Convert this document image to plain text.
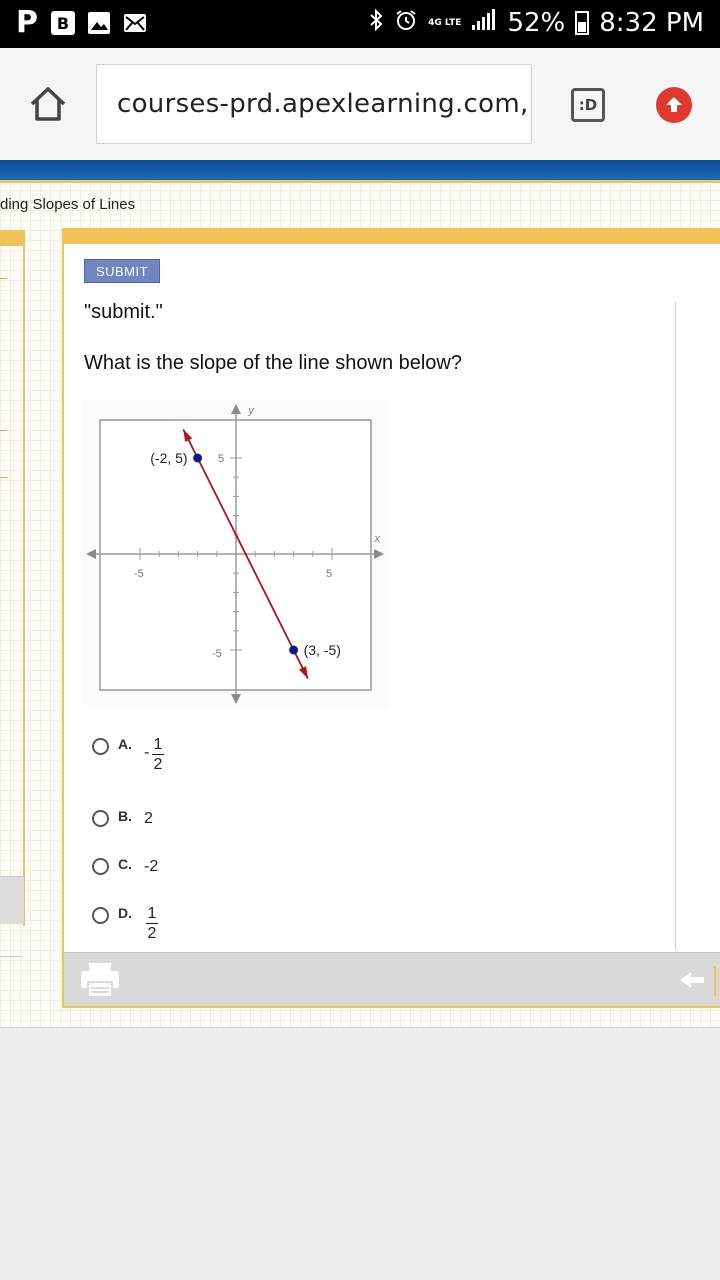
P	B	4G LTE 52% 8:32 PM
courses-prd.apexlearning.com,	:D
ding Slopes of Lines
SUBMIT
"submit."
What is the slope of the line shown below?
x
y
-5	5
5
-5
(-2, 5)
(3, -5)
A. - 1
2
B. 2
C. -2
D. 1
2
